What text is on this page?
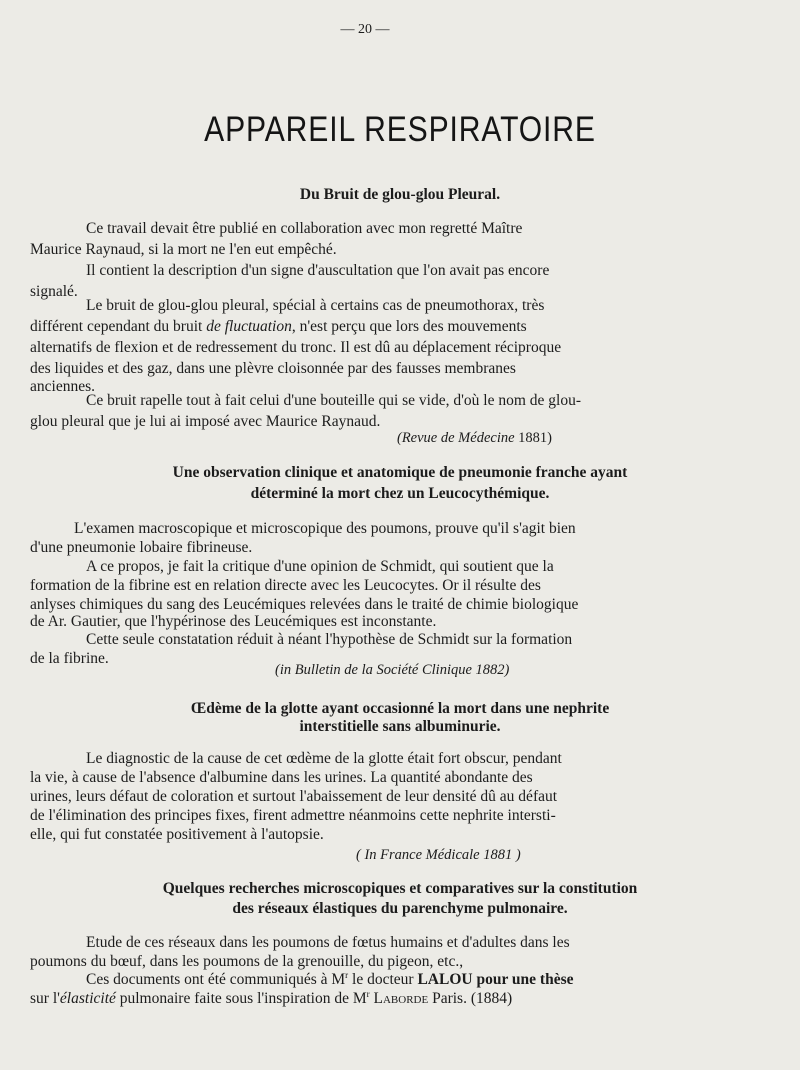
— 20 —
APPAREIL RESPIRATOIRE
Du Bruit de glou-glou Pleural.
Ce travail devait être publié en collaboration avec mon regretté Maître
Maurice Raynaud, si la mort ne l'en eut empêché.
Il contient la description d'un signe d'auscultation que l'on avait pas encore
signalé.
Le bruit de glou-glou pleural, spécial à certains cas de pneumothorax, très
différent cependant du bruit de fluctuation, n'est perçu que lors des mouvements
alternatifs de flexion et de redressement du tronc. Il est dû au déplacement réciproque
des liquides et des gaz, dans une plèvre cloisonnée par des fausses membranes
anciennes.
Ce bruit rapelle tout à fait celui d'une bouteille qui se vide, d'où le nom de glou-
glou pleural que je lui ai imposé avec Maurice Raynaud.
(Revue de Médecine 1881)
Une observation clinique et anatomique de pneumonie franche ayant
déterminé la mort chez un Leucocythémique.
L'examen macroscopique et microscopique des poumons, prouve qu'il s'agit bien
d'une pneumonie lobaire fibrineuse.
A ce propos, je fait la critique d'une opinion de Schmidt, qui soutient que la
formation de la fibrine est en relation directe avec les Leucocytes. Or il résulte des
anlyses chimiques du sang des Leucémiques relevées dans le traité de chimie biologique
de Ar. Gautier, que l'hypérinose des Leucémiques est inconstante.
Cette seule constatation réduit à néant l'hypothèse de Schmidt sur la formation
de la fibrine.
(in Bulletin de la Société Clinique 1882)
Œdème de la glotte ayant occasionné la mort dans une nephrite
interstitielle sans albuminurie.
Le diagnostic de la cause de cet œdème de la glotte était fort obscur, pendant
la vie, à cause de l'absence d'albumine dans les urines. La quantité abondante des
urines, leurs défaut de coloration et surtout l'abaissement de leur densité dû au défaut
de l'élimination des principes fixes, firent admettre néanmoins cette nephrite intersti-
elle, qui fut constatée positivement à l'autopsie.
( In France Médicale 1881 )
Quelques recherches microscopiques et comparatives sur la constitution
des réseaux élastiques du parenchyme pulmonaire.
Etude de ces réseaux dans les poumons de fœtus humains et d'adultes dans les
poumons du bœuf, dans les poumons de la grenouille, du pigeon, etc.,
Ces documents ont été communiqués à $M^r$ le docteur LALOU pour une thèse
sur l'élasticité pulmonaire faite sous l'inspiration de $M^r$ Laborde Paris. (1884)
